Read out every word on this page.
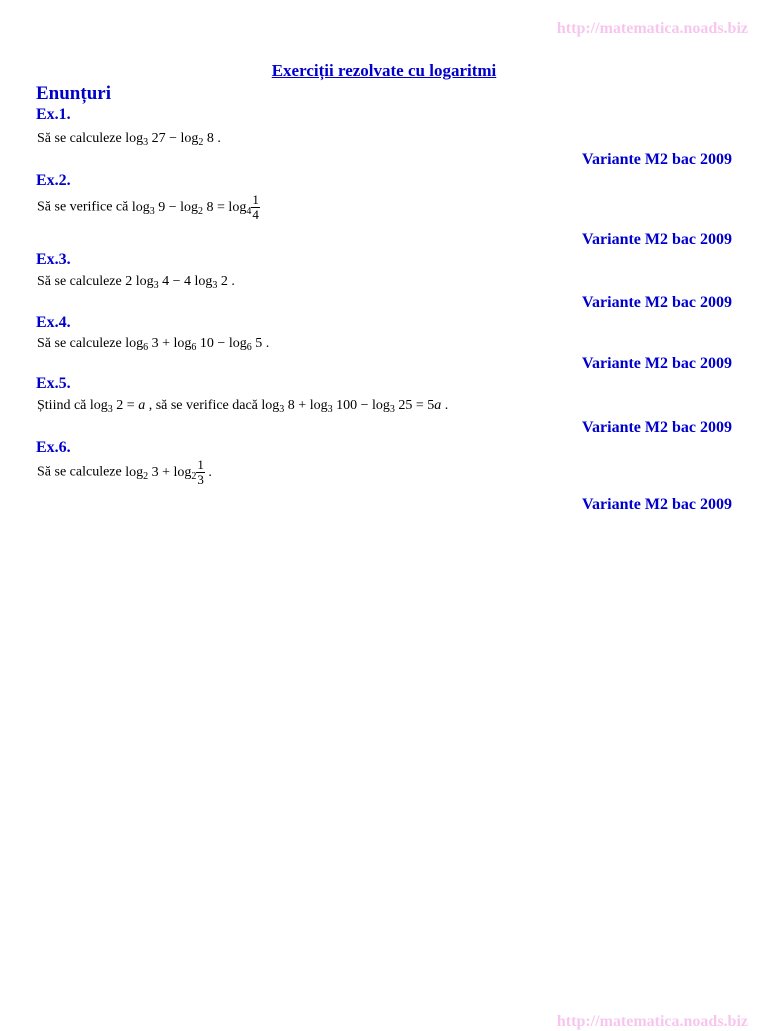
http://matematica.noads.biz
Exerciții rezolvate cu logaritmi
Enunțuri
Ex.1.
Să se calculeze $\log_3 27 - \log_2 8$ .
Variante M2 bac 2009
Ex.2.
Să se verifice că $\log_3 9 - \log_2 8 = \log_4 \frac{1}{4}$
Variante M2 bac 2009
Ex.3.
Să se calculeze 2 $\log_3 4 - 4$ $\log_3 2$ .
Variante M2 bac 2009
Ex.4.
Să se calculeze $\log_6 3 + \log_6 10 - \log_6 5$ .
Variante M2 bac 2009
Ex.5.
Știind că $\log_3 2 = a$ , să se verifice dacă $\log_3 8 + \log_3 100 - \log_3 25 = 5a$ .
Variante M2 bac 2009
Ex.6.
Să se calculeze $\log_2 3 + \log_2 \frac{1}{3}$ .
Variante M2 bac 2009
http://matematica.noads.biz
